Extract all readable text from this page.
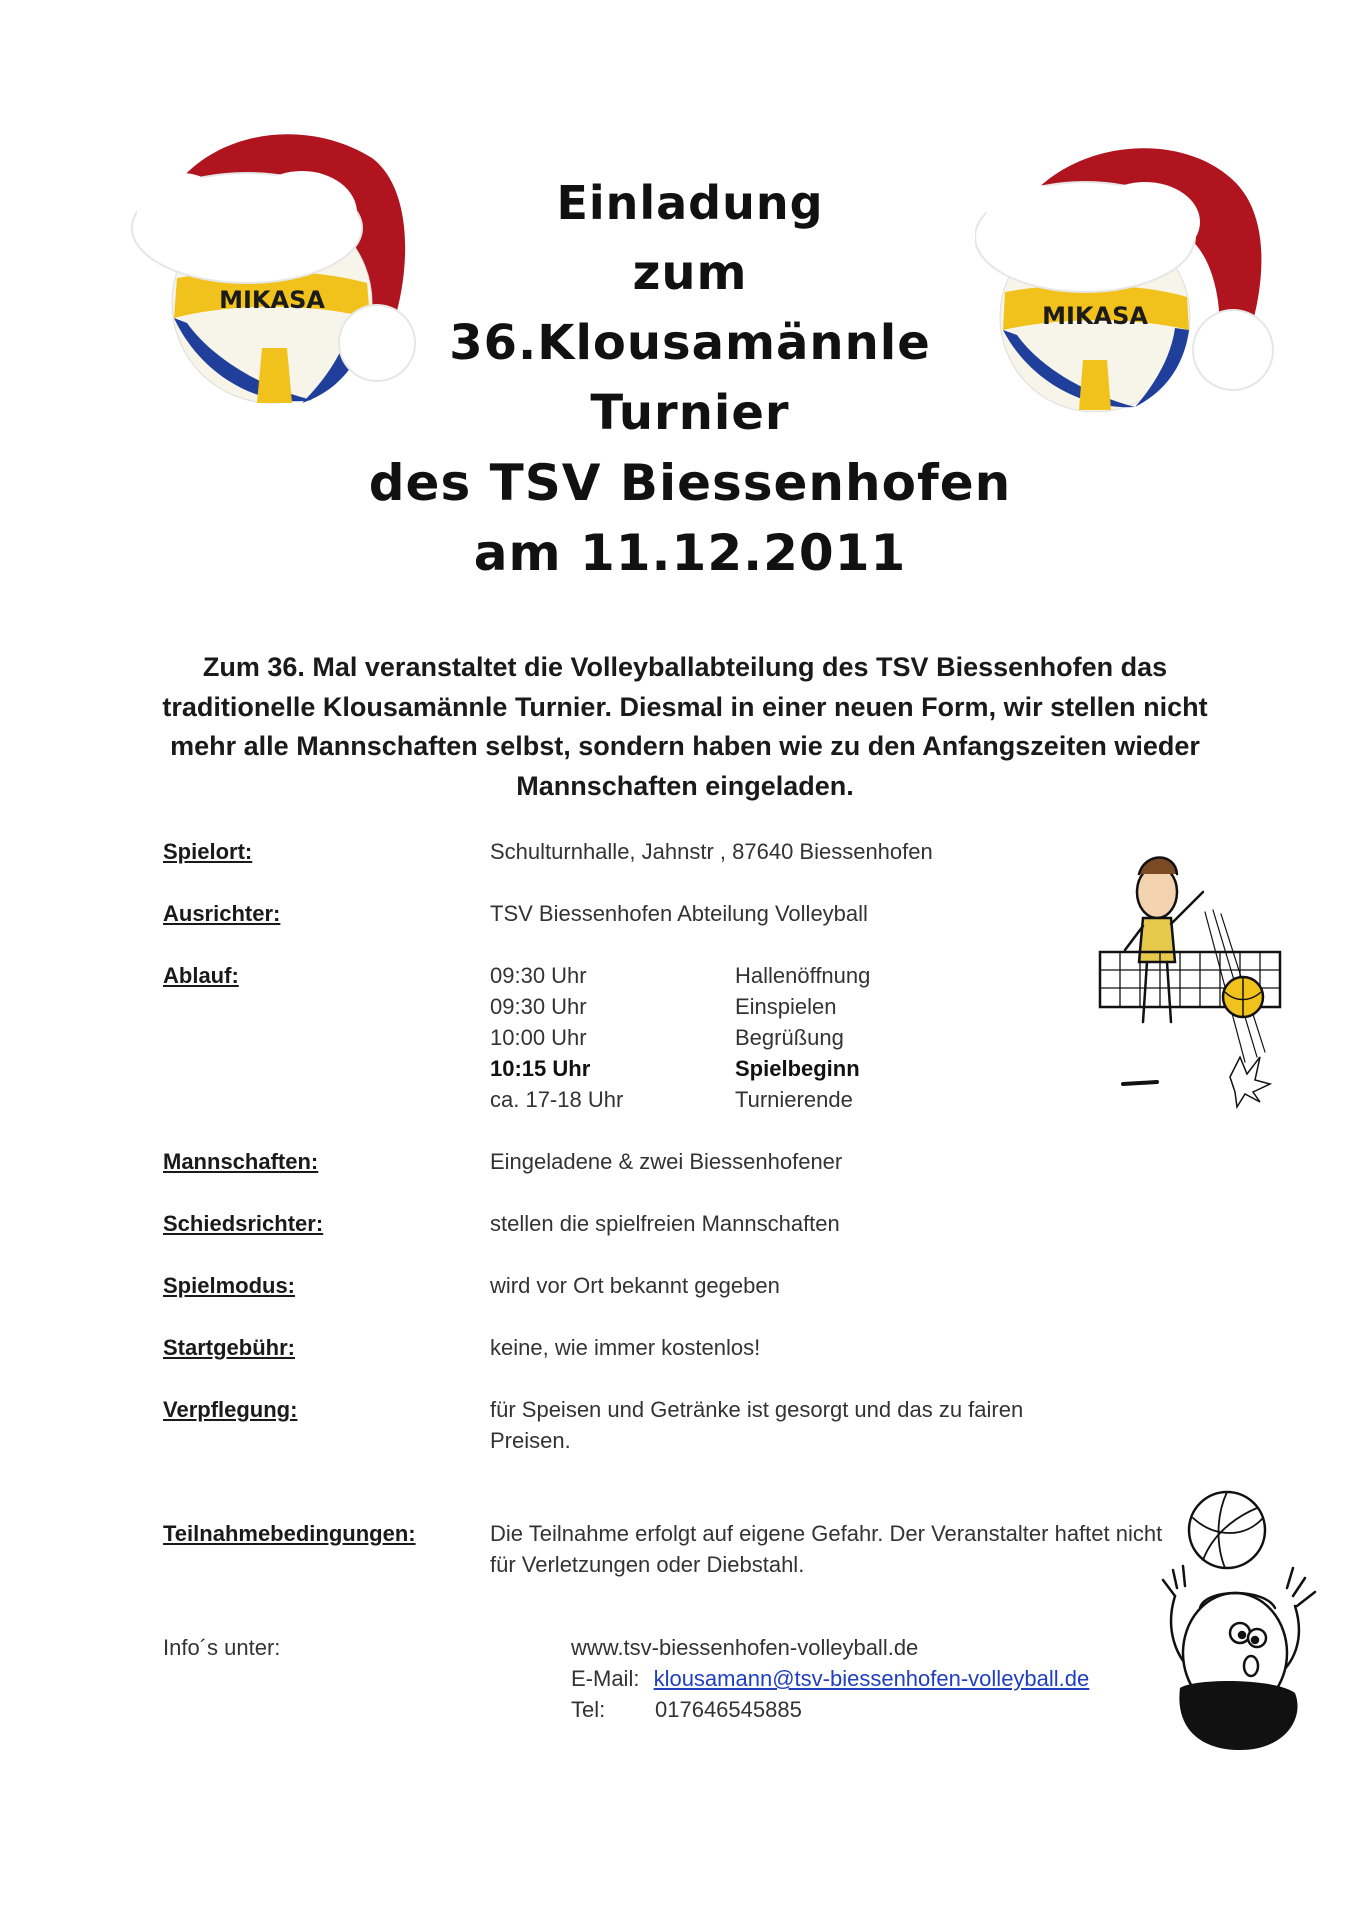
MIKASA
MIKASA
Einladung
zum
36.Klousamännle
Turnier
des TSV Biessenhofen
am 11.12.2011
Zum 36. Mal veranstaltet die Volleyballabteilung des TSV Biessenhofen das traditionelle Klousamännle Turnier. Diesmal in einer neuen Form, wir stellen nicht mehr alle Mannschaften selbst, sondern haben wie zu den Anfangszeiten wieder Mannschaften eingeladen.
Spielort:	Schulturnhalle, Jahnstr , 87640 Biessenhofen
Ausrichter:	TSV Biessenhofen Abteilung Volleyball
Ablauf:	09:30 Uhr	Hallenöffnung
09:30 Uhr	Einspielen
10:00 Uhr	Begrüßung
10:15 Uhr	Spielbeginn
ca. 17-18 Uhr	Turnierende
Mannschaften:	Eingeladene & zwei Biessenhofener
Schiedsrichter:	stellen die spielfreien Mannschaften
Spielmodus:	wird vor Ort bekannt gegeben
Startgebühr:	keine, wie immer kostenlos!
Verpflegung:	für Speisen und Getränke ist gesorgt und das zu fairen Preisen.
Teilnahmebedingungen:	Die Teilnahme erfolgt auf eigene Gefahr. Der Veranstalter haftet nicht für Verletzungen oder Diebstahl.
Info´s unter:	www.tsv-biessenhofen-volleyball.de
E-Mail: klousamann@tsv-biessenhofen-volleyball.de
Tel: 017646545885
